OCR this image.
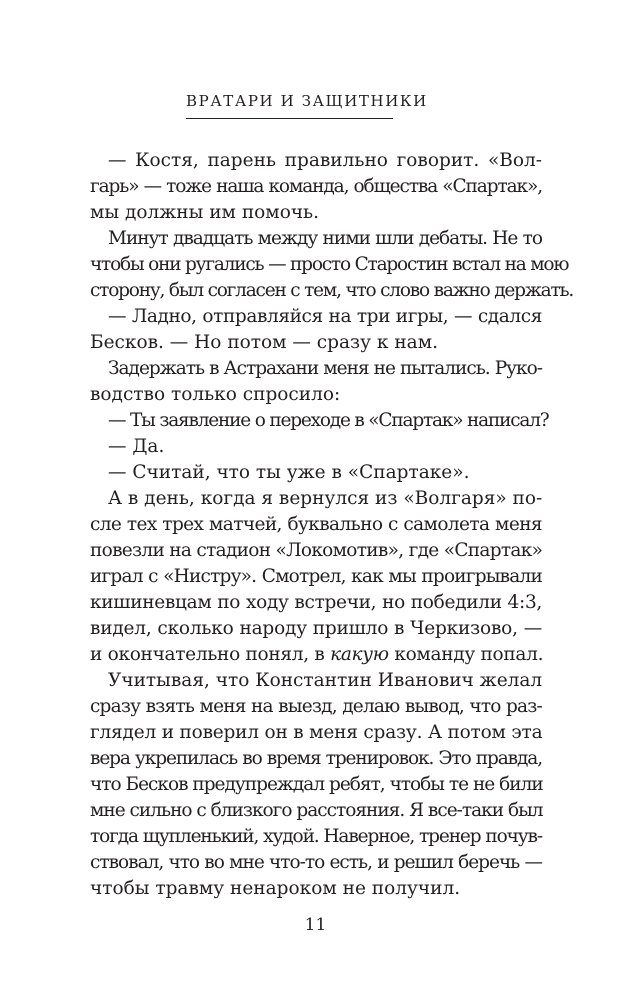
ВРАТАРИ И ЗАЩИТНИКИ
— Костя, парень правильно говорит. «Вол-
гарь» — тоже наша команда, общества «Спартак»,
мы должны им помочь.
Минут двадцать между ними шли дебаты. Не то
чтобы они ругались — просто Старостин встал на мою
сторону, был согласен с тем, что слово важно держать.
— Ладно, отправляйся на три игры, — сдался
Бесков. — Но потом — сразу к нам.
Задержать в Астрахани меня не пытались. Руко-
водство только спросило:
— Ты заявление о переходе в «Спартак» написал?
— Да.
— Считай, что ты уже в «Спартаке».
А в день, когда я вернулся из «Волгаря» по-
сле тех трех матчей, буквально с самолета меня
повезли на стадион «Локомотив», где «Спартак»
играл с «Нистру». Смотрел, как мы проигрывали
кишиневцам по ходу встречи, но победили 4:3,
видел, сколько народу пришло в Черкизово, —
и окончательно понял, в какую команду попал.
Учитывая, что Константин Иванович желал
сразу взять меня на выезд, делаю вывод, что раз-
глядел и поверил он в меня сразу. А потом эта
вера укрепилась во время тренировок. Это правда,
что Бесков предупреждал ребят, чтобы те не били
мне сильно с близкого расстояния. Я все-таки был
тогда щупленький, худой. Наверное, тренер почув-
ствовал, что во мне что-то есть, и решил беречь —
чтобы травму ненароком не получил.
11
